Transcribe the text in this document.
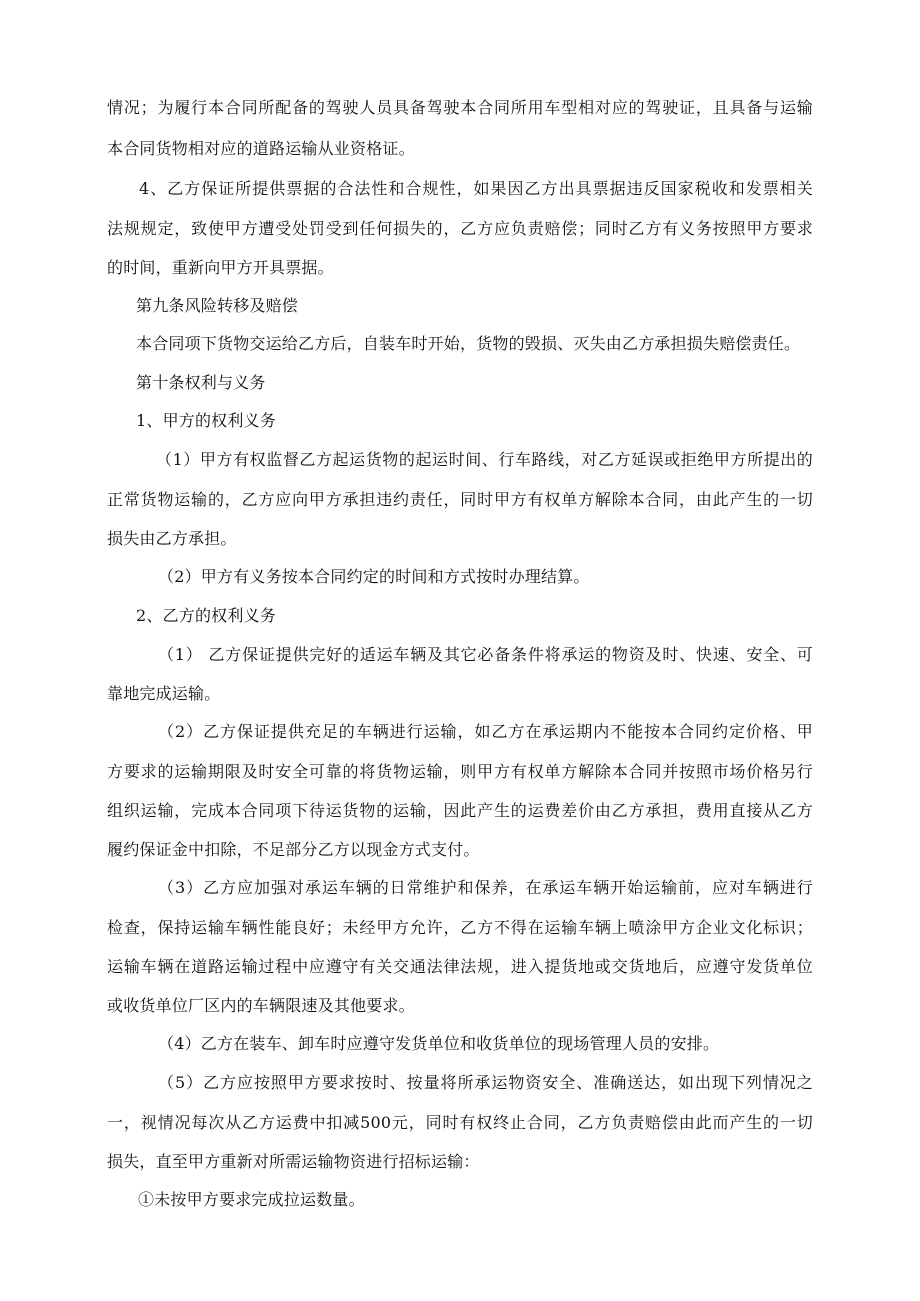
情况；为履行本合同所配备的驾驶人员具备驾驶本合同所用车型相对应的驾驶证，且具备与运输
本合同货物相对应的道路运输从业资格证。
4、乙方保证所提供票据的合法性和合规性，如果因乙方出具票据违反国家税收和发票相关
法规规定，致使甲方遭受处罚受到任何损失的，乙方应负责赔偿；同时乙方有义务按照甲方要求
的时间，重新向甲方开具票据。
第九条风险转移及赔偿
本合同项下货物交运给乙方后，自装车时开始，货物的毁损、灭失由乙方承担损失赔偿责任。
第十条权利与义务
1、甲方的权利义务
（1）甲方有权监督乙方起运货物的起运时间、行车路线，对乙方延误或拒绝甲方所提出的
正常货物运输的，乙方应向甲方承担违约责任，同时甲方有权单方解除本合同，由此产生的一切
损失由乙方承担。
（2）甲方有义务按本合同约定的时间和方式按时办理结算。
2、乙方的权利义务
（1） 乙方保证提供完好的适运车辆及其它必备条件将承运的物资及时、快速、安全、可
靠地完成运输。
（2）乙方保证提供充足的车辆进行运输，如乙方在承运期内不能按本合同约定价格、甲
方要求的运输期限及时安全可靠的将货物运输，则甲方有权单方解除本合同并按照市场价格另行
组织运输，完成本合同项下待运货物的运输，因此产生的运费差价由乙方承担，费用直接从乙方
履约保证金中扣除，不足部分乙方以现金方式支付。
（3）乙方应加强对承运车辆的日常维护和保养，在承运车辆开始运输前，应对车辆进行
检查，保持运输车辆性能良好；未经甲方允许，乙方不得在运输车辆上喷涂甲方企业文化标识；
运输车辆在道路运输过程中应遵守有关交通法律法规，进入提货地或交货地后，应遵守发货单位
或收货单位厂区内的车辆限速及其他要求。
（4）乙方在装车、卸车时应遵守发货单位和收货单位的现场管理人员的安排。
（5）乙方应按照甲方要求按时、按量将所承运物资安全、准确送达，如出现下列情况之
一，视情况每次从乙方运费中扣减500元，同时有权终止合同，乙方负责赔偿由此而产生的一切
损失，直至甲方重新对所需运输物资进行招标运输：
①未按甲方要求完成拉运数量。
